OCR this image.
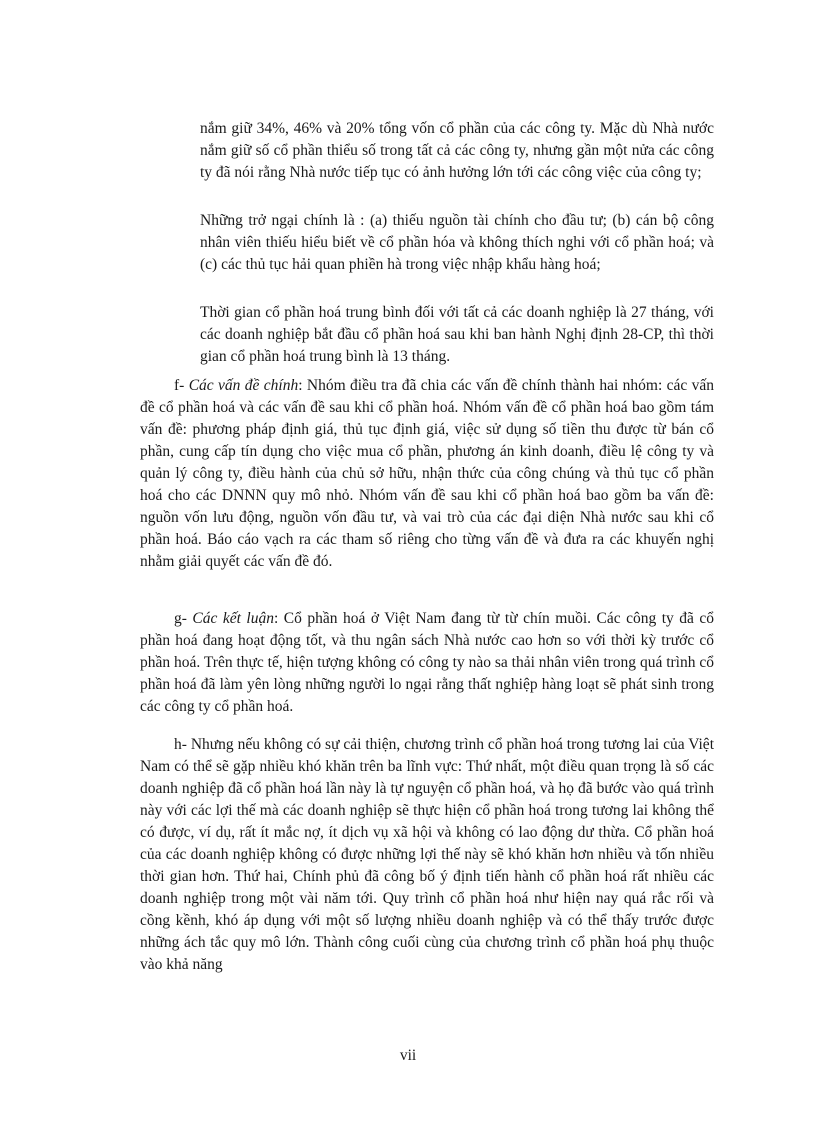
nắm giữ 34%, 46% và 20% tổng vốn cổ phần của các công ty. Mặc dù Nhà nước nắm giữ số cổ phần thiểu số trong tất cả các công ty, nhưng gần một nửa các công ty đã nói rằng Nhà nước tiếp tục có ảnh hưởng lớn tới các công việc của công ty;

Những trở ngại chính là : (a) thiếu nguồn tài chính cho đầu tư; (b) cán bộ công nhân viên thiếu hiểu biết về cổ phần hóa và không thích nghi với cổ phần hoá; và (c) các thủ tục hải quan phiền hà trong việc nhập khẩu hàng hoá;

Thời gian cổ phần hoá trung bình đối với tất cả các doanh nghiệp là 27 tháng, với các doanh nghiệp bắt đầu cổ phần hoá sau khi ban hành Nghị định 28-CP, thì thời gian cổ phần hoá trung bình là 13 tháng.

f- Các vấn đề chính: Nhóm điều tra đã chia các vấn đề chính thành hai nhóm: các vấn đề cổ phần hoá và các vấn đề sau khi cổ phần hoá. Nhóm vấn đề cổ phần hoá bao gồm tám vấn đề: phương pháp định giá, thủ tục định giá, việc sử dụng số tiền thu được từ bán cổ phần, cung cấp tín dụng cho việc mua cổ phần, phương án kinh doanh, điều lệ công ty và quản lý công ty, điều hành của chủ sở hữu, nhận thức của công chúng và thủ tục cổ phần hoá cho các DNNN quy mô nhỏ. Nhóm vấn đề sau khi cổ phần hoá bao gồm ba vấn đề: nguồn vốn lưu động, nguồn vốn đầu tư, và vai trò của các đại diện Nhà nước sau khi cổ phần hoá. Báo cáo vạch ra các tham số riêng cho từng vấn đề và đưa ra các khuyến nghị nhằm giải quyết các vấn đề đó.

g- Các kết luận: Cổ phần hoá ở Việt Nam đang từ từ chín muồi. Các công ty đã cổ phần hoá đang hoạt động tốt, và thu ngân sách Nhà nước cao hơn so với thời kỳ trước cổ phần hoá. Trên thực tế, hiện tượng không có công ty nào sa thải nhân viên trong quá trình cổ phần hoá đã làm yên lòng những người lo ngại rằng thất nghiệp hàng loạt sẽ phát sinh trong các công ty cổ phần hoá.

h- Nhưng nếu không có sự cải thiện, chương trình cổ phần hoá trong tương lai của Việt Nam có thể sẽ gặp nhiều khó khăn trên ba lĩnh vực: Thứ nhất, một điều quan trọng là số các doanh nghiệp đã cổ phần hoá lần này là tự nguyện cổ phần hoá, và họ đã bước vào quá trình này với các lợi thế mà các doanh nghiệp sẽ thực hiện cổ phần hoá trong tương lai không thể có được, ví dụ, rất ít mắc nợ, ít dịch vụ xã hội và không có lao động dư thừa. Cổ phần hoá của các doanh nghiệp không có được những lợi thế này sẽ khó khăn hơn nhiều và tốn nhiều thời gian hơn. Thứ hai, Chính phủ đã công bố ý định tiến hành cổ phần hoá rất nhiều các doanh nghiệp trong một vài năm tới. Quy trình cổ phần hoá như hiện nay quá rắc rối và cồng kềnh, khó áp dụng với một số lượng nhiều doanh nghiệp và có thể thấy trước được những ách tắc quy mô lớn. Thành công cuối cùng của chương trình cổ phần hoá phụ thuộc vào khả năng

vii
